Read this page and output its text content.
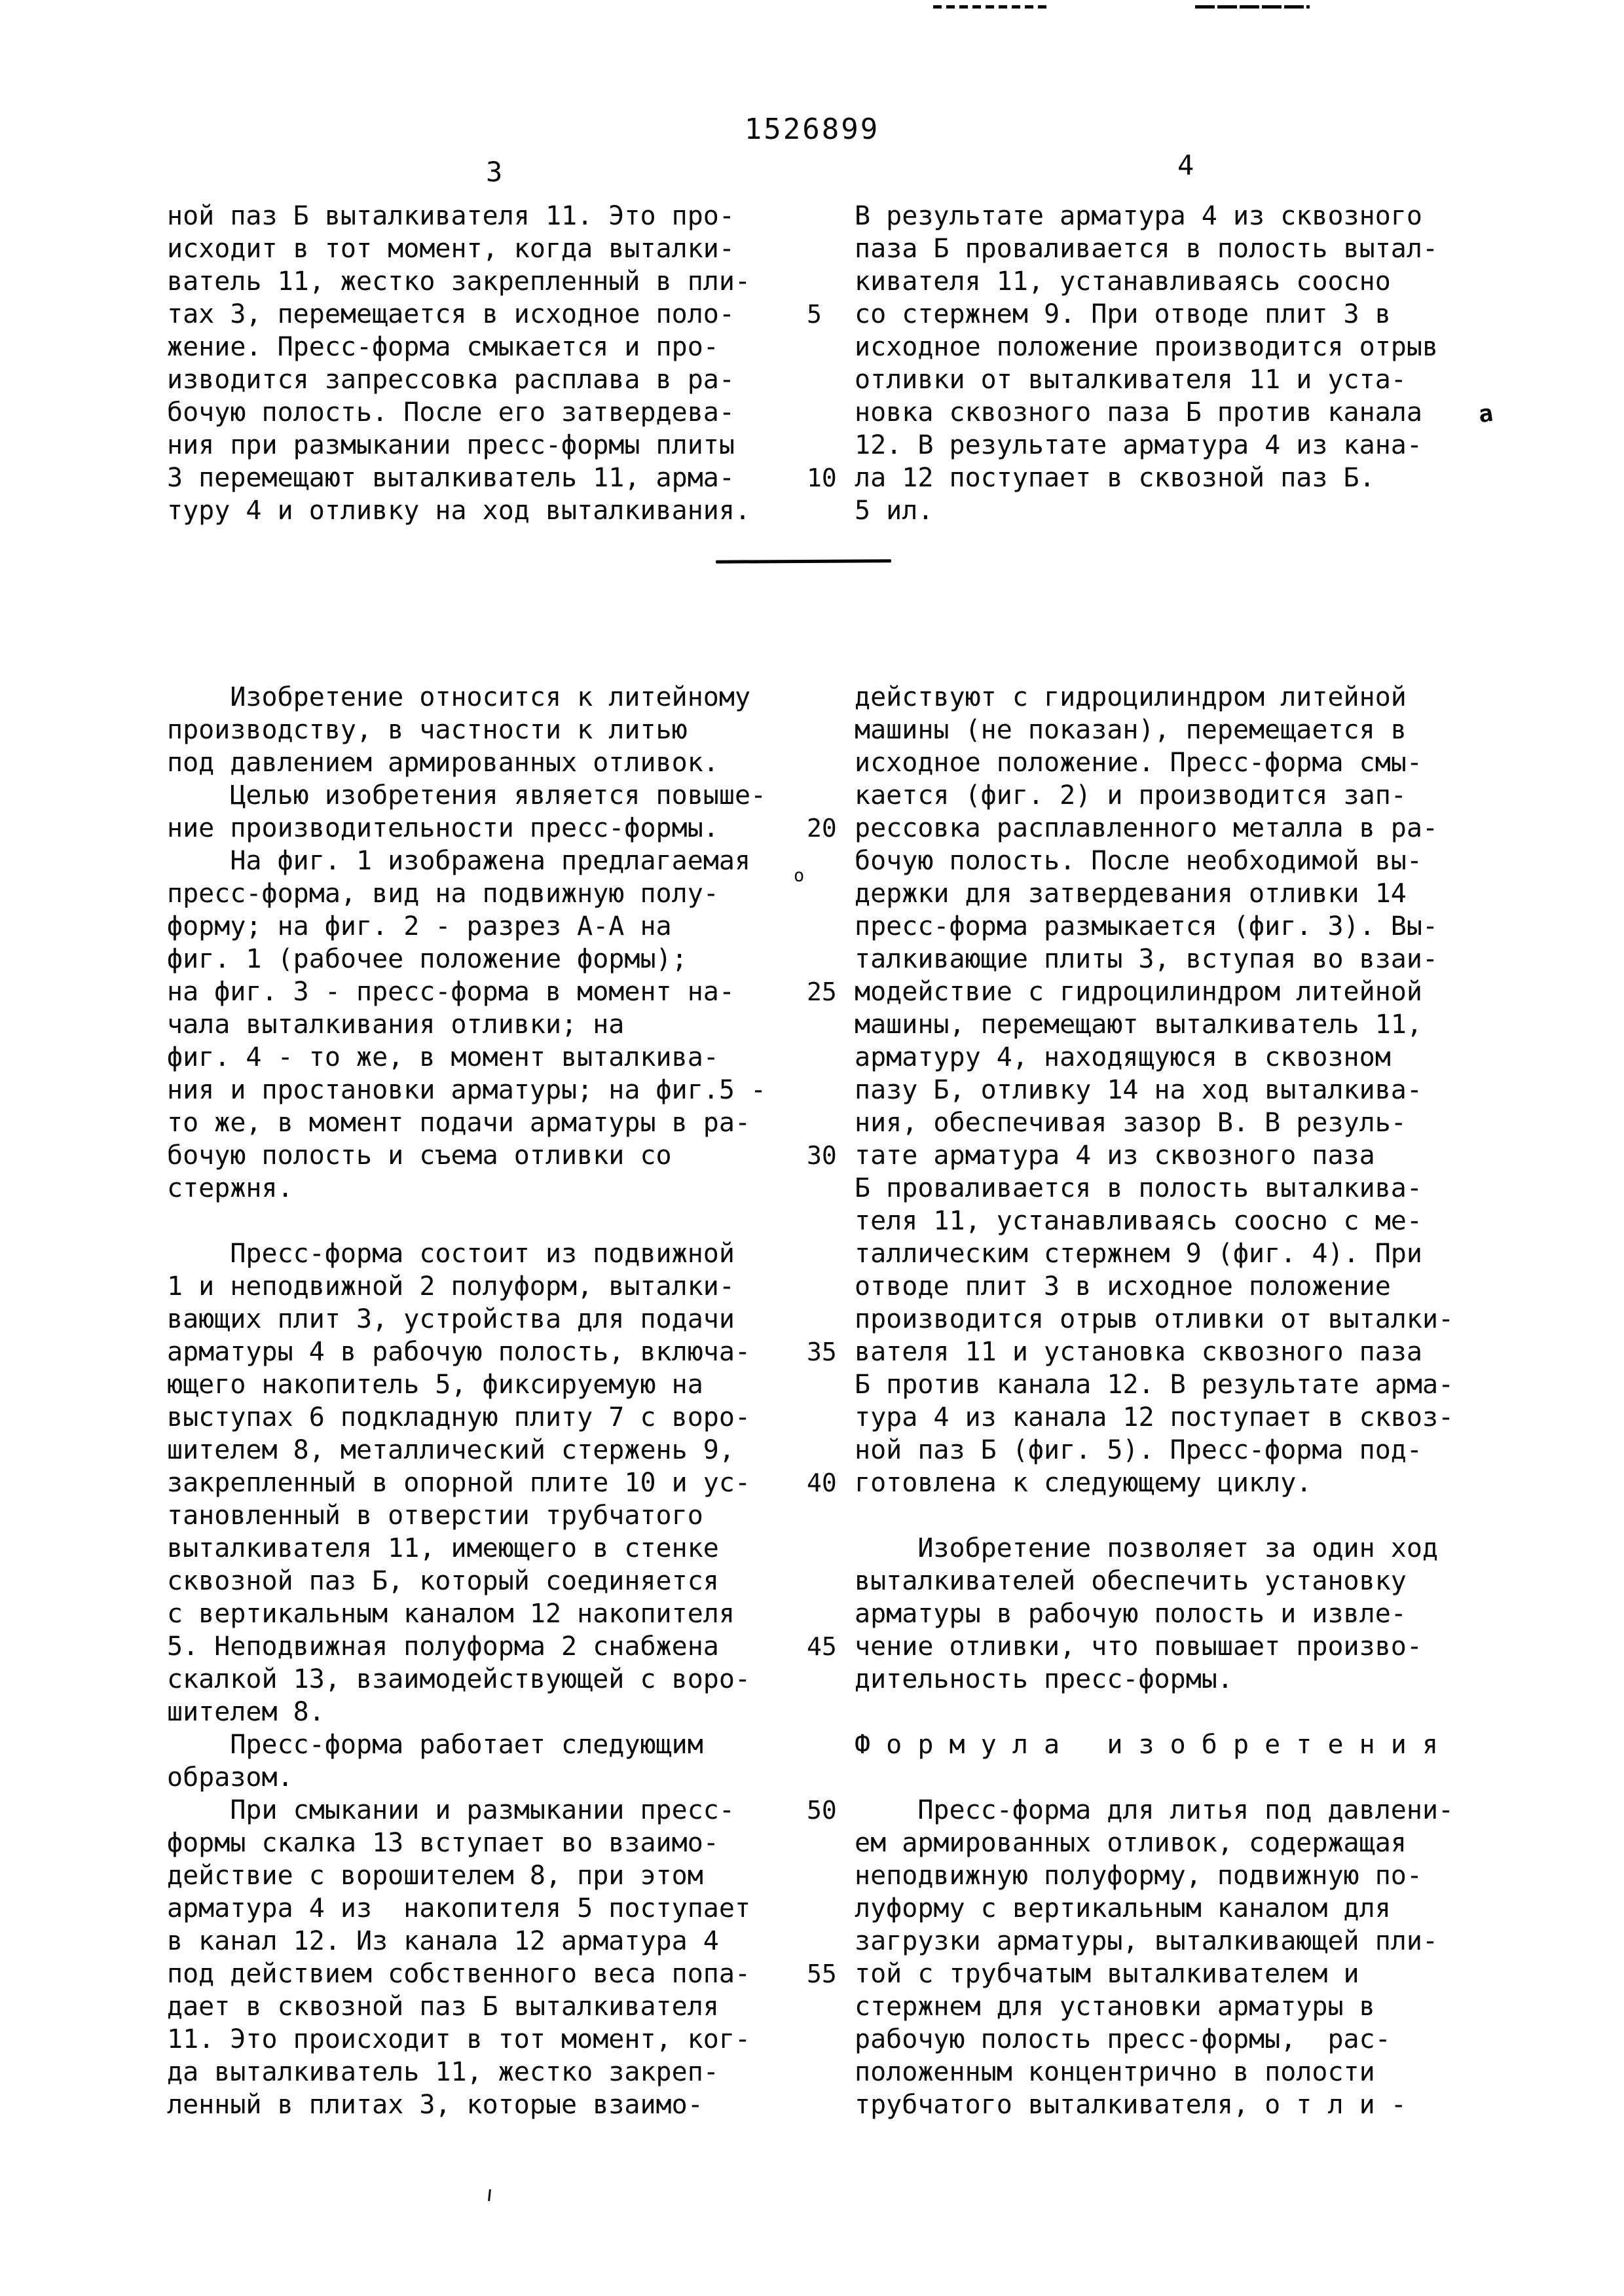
1526899
3	4
ной паз Б выталкивателя 11. Это про-
исходит в тот момент, когда выталки-
ватель 11, жестко закрепленный в пли-
тах 3, перемещается в исходное поло-
жение. Пресс-форма смыкается и про-
изводится запрессовка расплава в ра-
бочую полость. После его затвердева-
ния при размыкании пресс-формы плиты
3 перемещают выталкиватель 11, арма-
туру 4 и отливку на ход выталкивания.
В результате арматура 4 из сквозного
паза Б проваливается в полость вытал-
кивателя 11, устанавливаясь соосно
со стержнем 9. При отводе плит 3 в
исходное положение производится отрыв
отливки от выталкивателя 11 и уста-
новка сквозного паза Б против канала
12. В результате арматура 4 из кана-
ла 12 поступает в сквозной паз Б.
5 ил.
Изобретение относится к литейному
производству, в частности к литью
под давлением армированных отливок.
Целью изобретения является повыше-
ние производительности пресс-формы.
На фиг. 1 изображена предлагаемая
пресс-форма, вид на подвижную полу-
форму; на фиг. 2 - разрез А-А на
фиг. 1 (рабочее положение формы);
на фиг. 3 - пресс-форма в момент на-
чала выталкивания отливки; на
фиг. 4 - то же, в момент выталкива-
ния и простановки арматуры; на фиг.5 -
то же, в момент подачи арматуры в ра-
бочую полость и съема отливки со
стержня.

Пресс-форма состоит из подвижной
1 и неподвижной 2 полуформ, выталки-
вающих плит 3, устройства для подачи
арматуры 4 в рабочую полость, включа-
ющего накопитель 5, фиксируемую на
выступах 6 подкладную плиту 7 с воро-
шителем 8, металлический стержень 9,
закрепленный в опорной плите 10 и ус-
тановленный в отверстии трубчатого
выталкивателя 11, имеющего в стенке
сквозной паз Б, который соединяется
с вертикальным каналом 12 накопителя
5. Неподвижная полуформа 2 снабжена
скалкой 13, взаимодействующей с воро-
шителем 8.
Пресс-форма работает следующим
образом.
При смыкании и размыкании пресс-
формы скалка 13 вступает во взаимо-
действие с ворошителем 8, при этом
арматура 4 из  накопителя 5 поступает
в канал 12. Из канала 12 арматура 4
под действием собственного веса попа-
дает в сквозной паз Б выталкивателя
11. Это происходит в тот момент, ког-
да выталкиватель 11, жестко закреп-
ленный в плитах 3, которые взаимо-
действуют с гидроцилиндром литейной
машины (не показан), перемещается в
исходное положение. Пресс-форма смы-
кается (фиг. 2) и производится зап-
рессовка расплавленного металла в ра-
бочую полость. После необходимой вы-
держки для затвердевания отливки 14
пресс-форма размыкается (фиг. 3). Вы-
талкивающие плиты 3, вступая во взаи-
модействие с гидроцилиндром литейной
машины, перемещают выталкиватель 11,
арматуру 4, находящуюся в сквозном
пазу Б, отливку 14 на ход выталкива-
ния, обеспечивая зазор В. В резуль-
тате арматура 4 из сквозного паза
Б проваливается в полость выталкива-
теля 11, устанавливаясь соосно с ме-
таллическим стержнем 9 (фиг. 4). При
отводе плит 3 в исходное положение
производится отрыв отливки от выталки-
вателя 11 и установка сквозного паза
Б против канала 12. В результате арма-
тура 4 из канала 12 поступает в сквоз-
ной паз Б (фиг. 5). Пресс-форма под-
готовлена к следующему циклу.

Изобретение позволяет за один ход
выталкивателей обеспечить установку
арматуры в рабочую полость и извле-
чение отливки, что повышает произво-
дительность пресс-формы.

Ф о р м у л а   и з о б р е т е н и я

Пресс-форма для литья под давлени-
ем армированных отливок, содержащая
неподвижную полуформу, подвижную по-
луформу с вертикальным каналом для
загрузки арматуры, выталкивающей пли-
той с трубчатым выталкивателем и
стержнем для установки арматуры в
рабочую полость пресс-формы,  рас-
положенным концентрично в полости
трубчатого выталкивателя, о т л и -
5
10
20
25
30
35
40
45
50
55
о
а
